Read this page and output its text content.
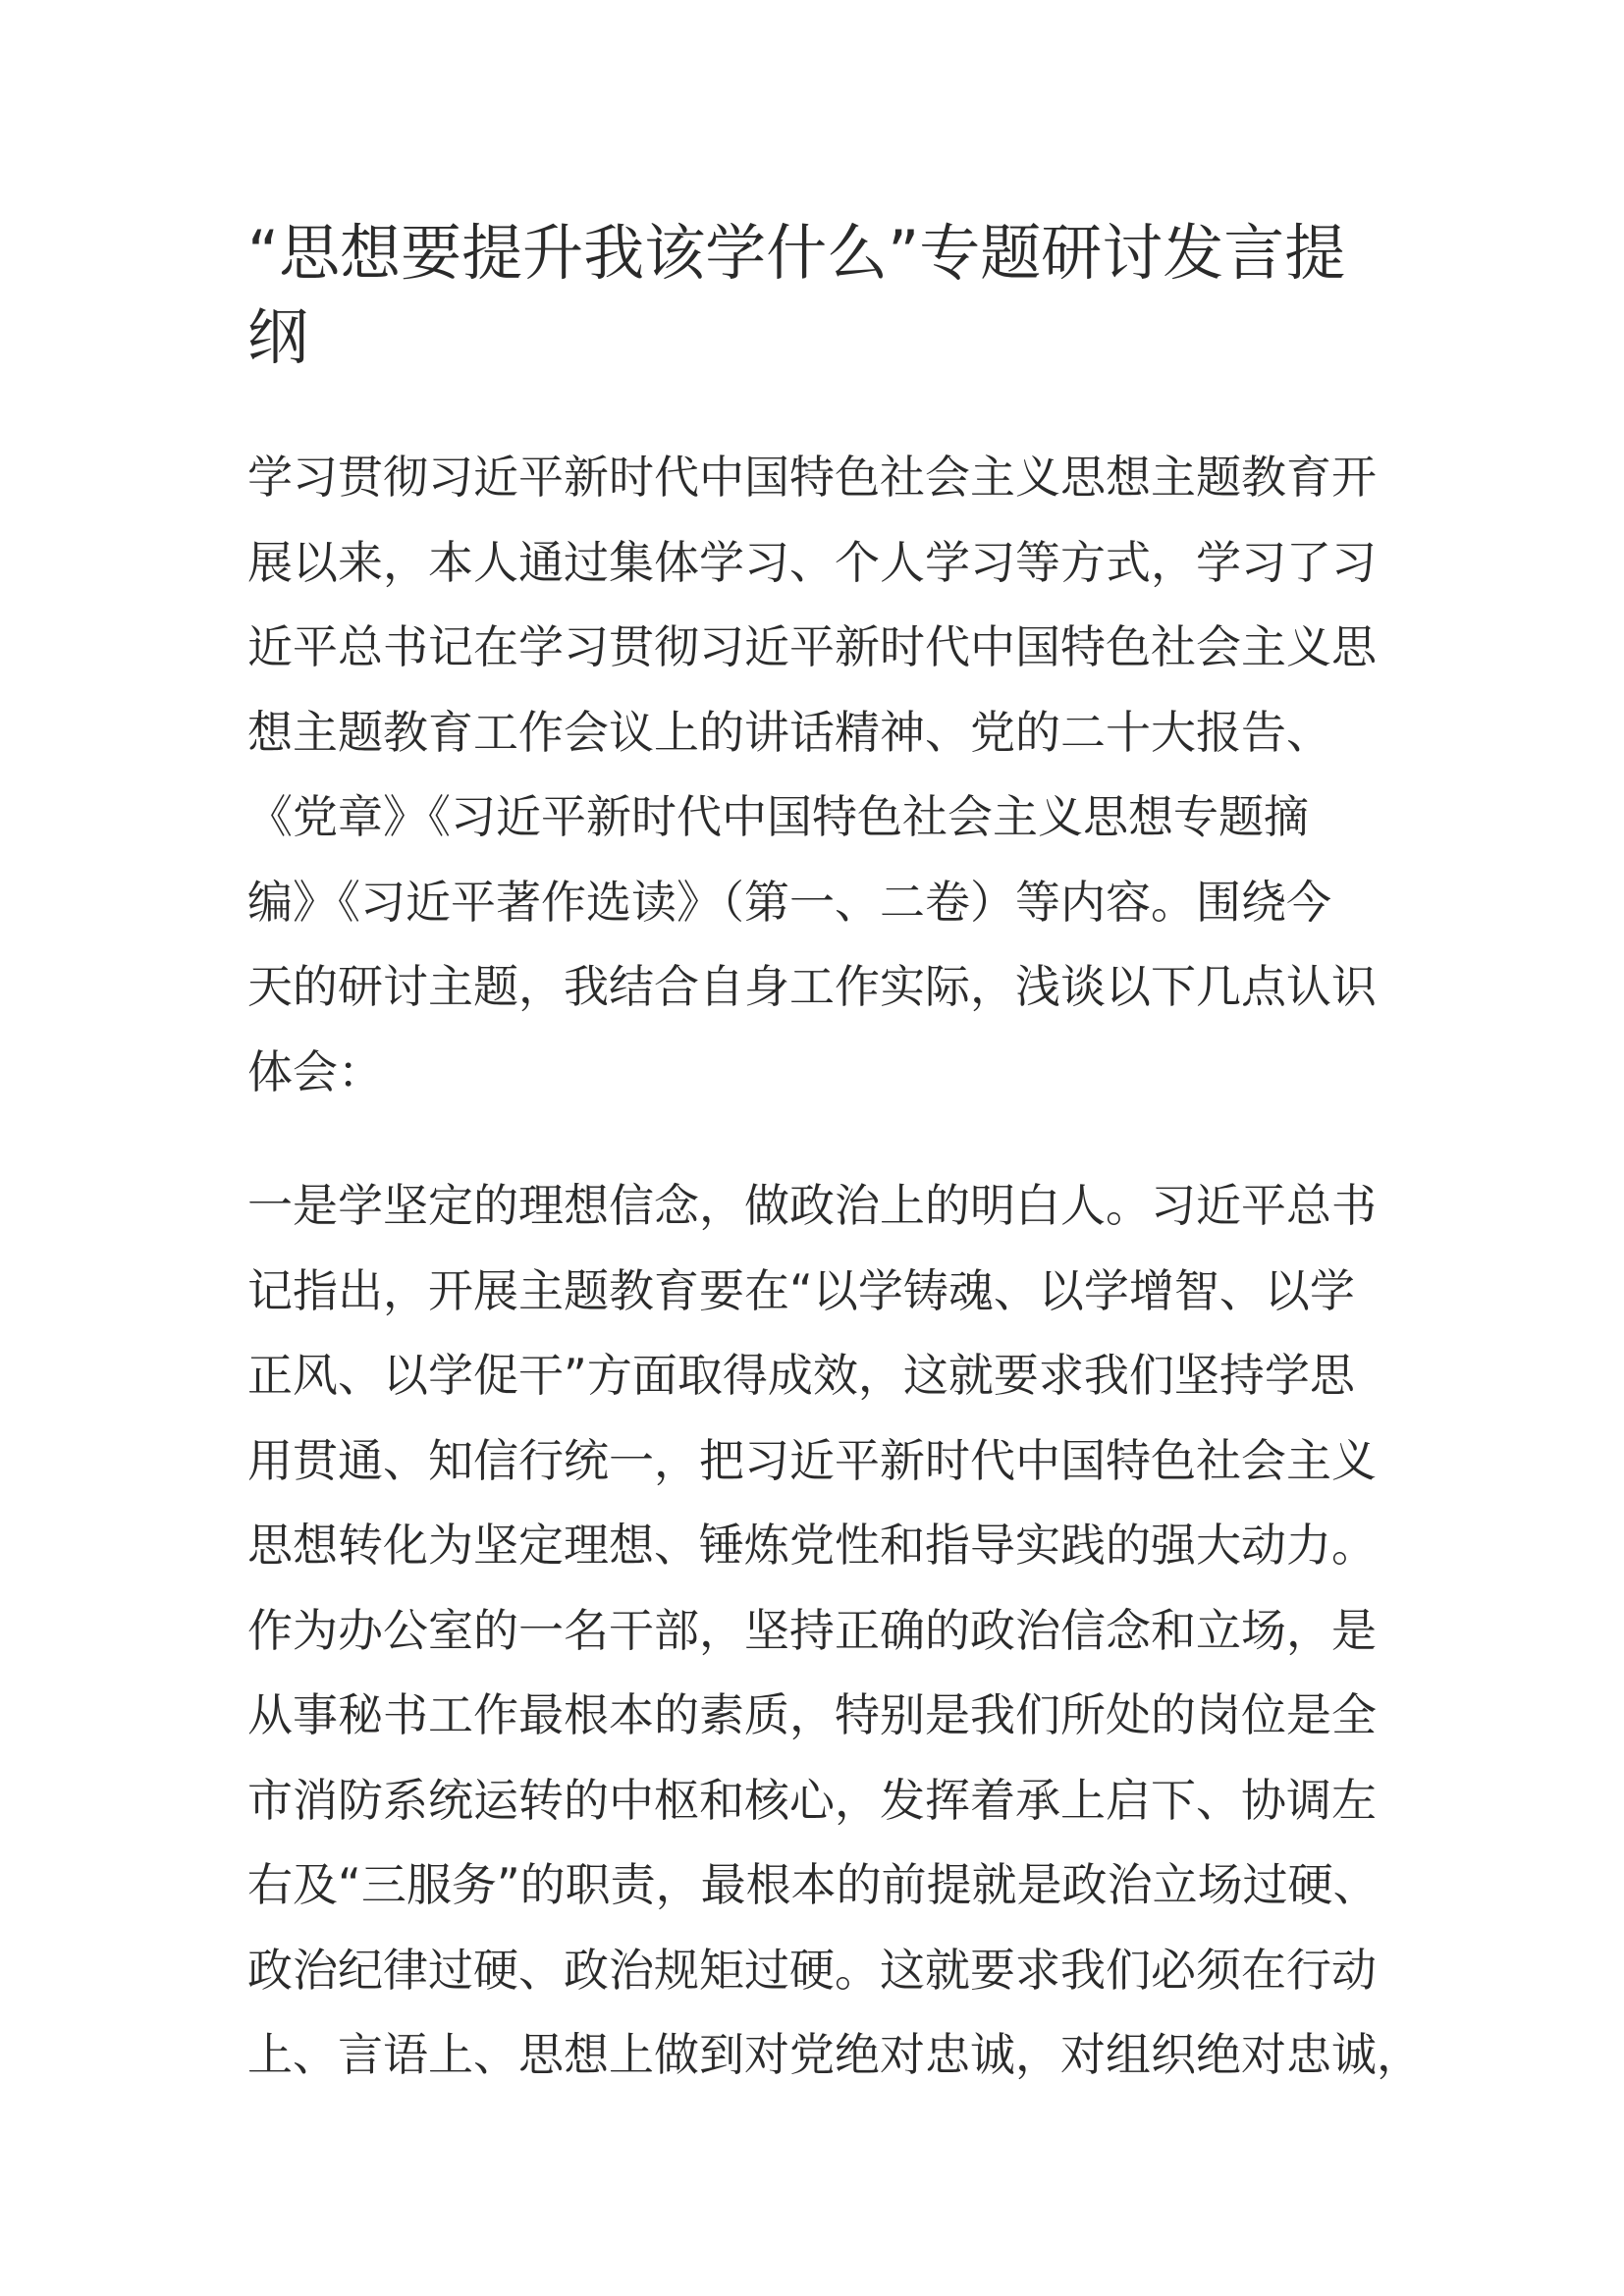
“思想要提升我该学什么”专题研讨发言提
纲
学习贯彻习近平新时代中国特色社会主义思想主题教育开
展以来，本人通过集体学习、个人学习等方式，学习了习
近平总书记在学习贯彻习近平新时代中国特色社会主义思
想主题教育工作会议上的讲话精神、党的二十大报告、
《党章》《习近平新时代中国特色社会主义思想专题摘
编》《习近平著作选读》（第一、二卷）等内容。围绕今
天的研讨主题，我结合自身工作实际，浅谈以下几点认识
体会：
一是学坚定的理想信念，做政治上的明白人。习近平总书
记指出，开展主题教育要在“以学铸魂、以学增智、以学
正风、以学促干”方面取得成效，这就要求我们坚持学思
用贯通、知信行统一，把习近平新时代中国特色社会主义
思想转化为坚定理想、锤炼党性和指导实践的强大动力。
作为办公室的一名干部，坚持正确的政治信念和立场，是
从事秘书工作最根本的素质，特别是我们所处的岗位是全
市消防系统运转的中枢和核心，发挥着承上启下、协调左
右及“三服务”的职责，最根本的前提就是政治立场过硬、
政治纪律过硬、政治规矩过硬。这就要求我们必须在行动
上、言语上、思想上做到对党绝对忠诚，对组织绝对忠诚，
